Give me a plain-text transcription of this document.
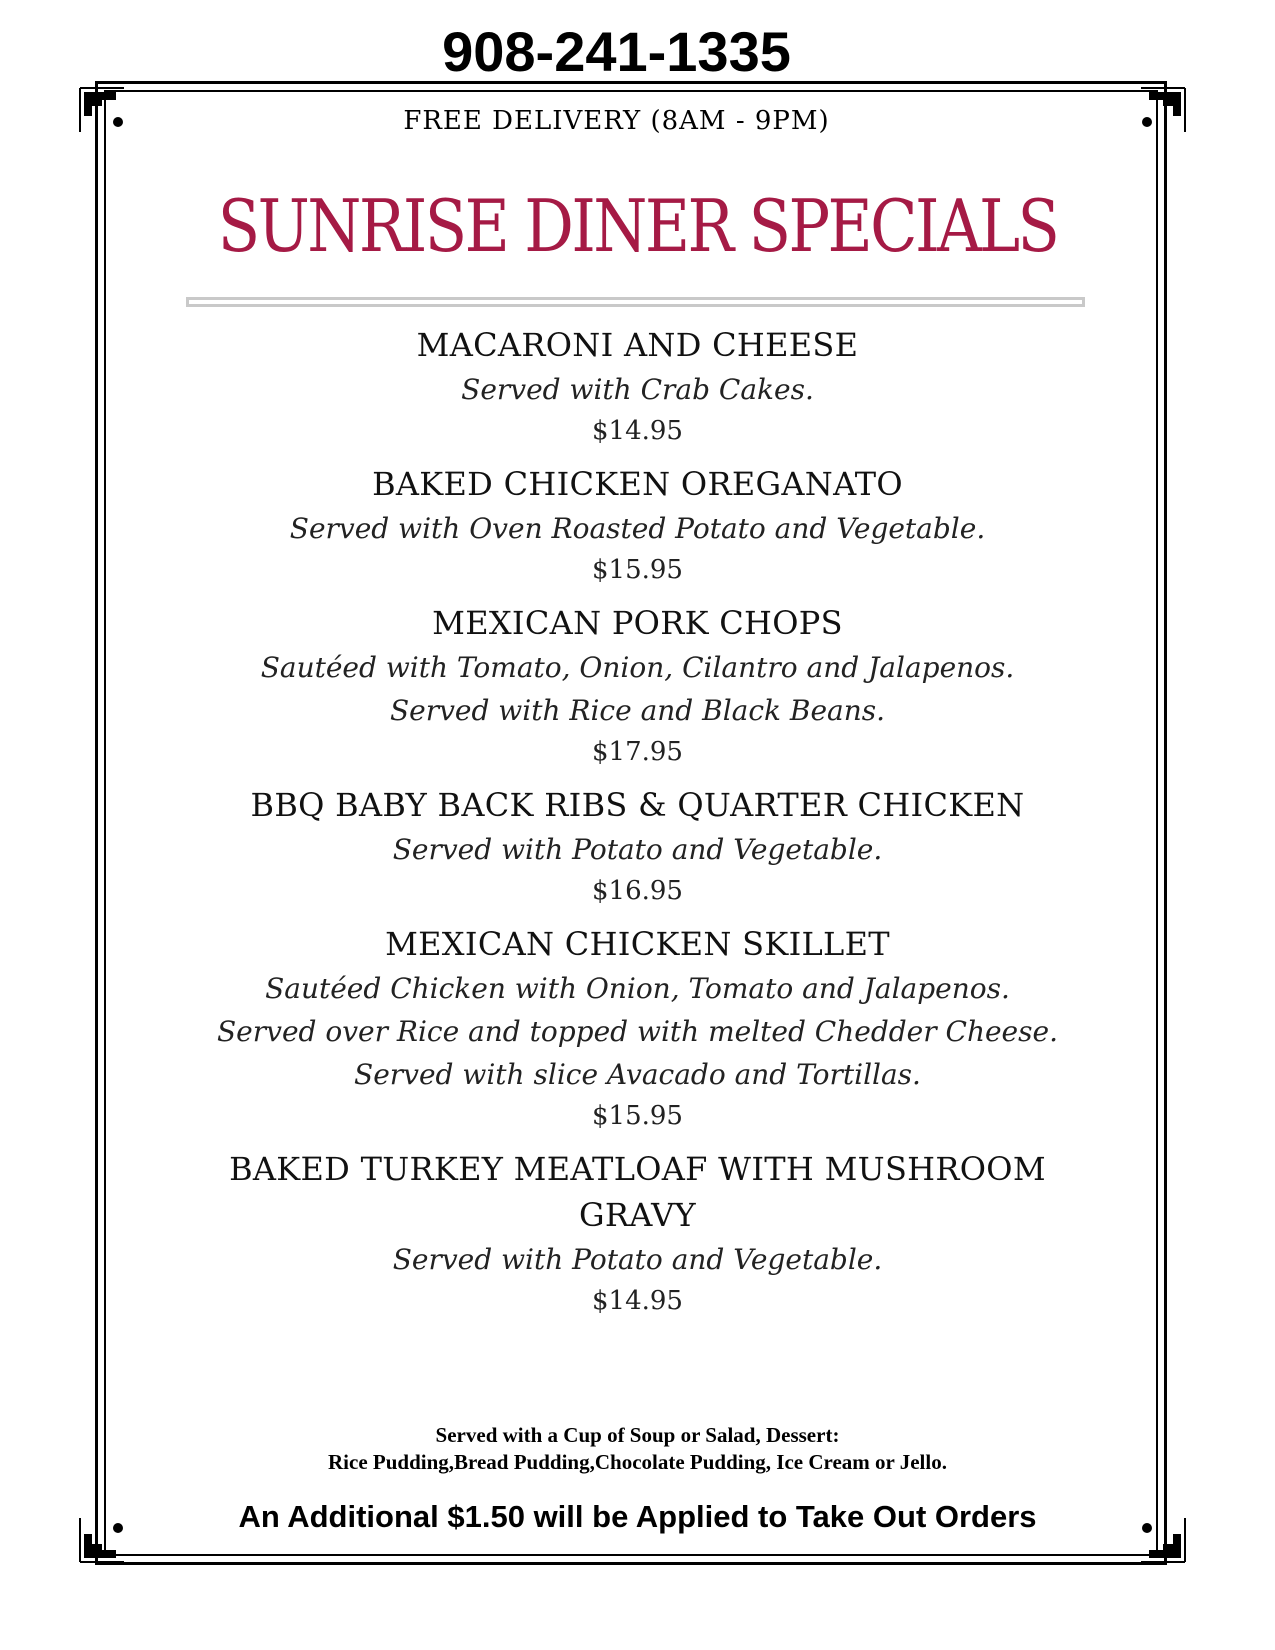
908-241-1335
FREE DELIVERY (8AM - 9PM)
SUNRISE DINER SPECIALS
MACARONI AND CHEESE
Served with Crab Cakes.
$14.95
BAKED CHICKEN OREGANATO
Served with Oven Roasted Potato and Vegetable.
$15.95
MEXICAN PORK CHOPS
Sautéed with Tomato, Onion, Cilantro and Jalapenos.
Served with Rice and Black Beans.
$17.95
BBQ BABY BACK RIBS & QUARTER CHICKEN
Served with Potato and Vegetable.
$16.95
MEXICAN CHICKEN SKILLET
Sautéed Chicken with Onion, Tomato and Jalapenos.
Served over Rice and topped with melted Chedder Cheese.
Served with slice Avacado and Tortillas.
$15.95
BAKED TURKEY MEATLOAF WITH MUSHROOM
GRAVY
Served with Potato and Vegetable.
$14.95
Served with a Cup of Soup or Salad, Dessert:
Rice Pudding,Bread Pudding,Chocolate Pudding, Ice Cream or Jello.
An Additional $1.50 will be Applied to Take Out Orders
